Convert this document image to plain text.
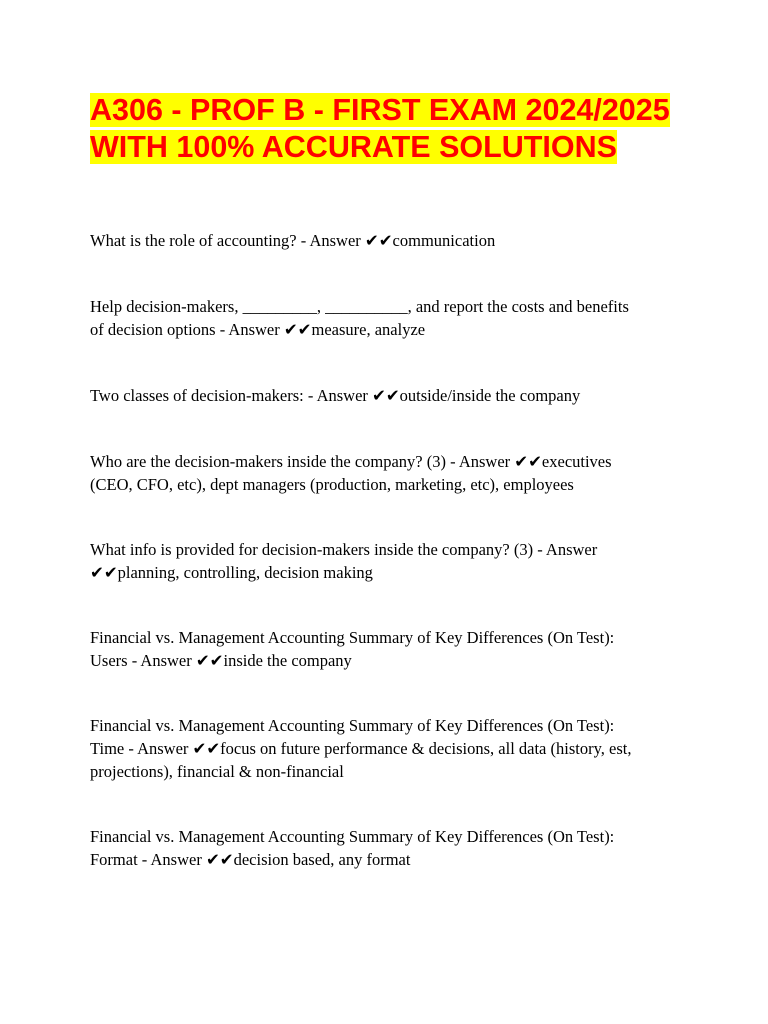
A306 - PROF B - FIRST EXAM 2024/2025
WITH 100% ACCURATE SOLUTIONS

What is the role of accounting? - Answer ✔✔communication

Help decision-makers, _________, __________, and report the costs and benefits
of decision options - Answer ✔✔measure, analyze

Two classes of decision-makers: - Answer ✔✔outside/inside the company

Who are the decision-makers inside the company? (3) - Answer ✔✔executives
(CEO, CFO, etc), dept managers (production, marketing, etc), employees

What info is provided for decision-makers inside the company? (3) - Answer
✔✔planning, controlling, decision making

Financial vs. Management Accounting Summary of Key Differences (On Test):
Users - Answer ✔✔inside the company

Financial vs. Management Accounting Summary of Key Differences (On Test):
Time - Answer ✔✔focus on future performance & decisions, all data (history, est,
projections), financial & non-financial

Financial vs. Management Accounting Summary of Key Differences (On Test):
Format - Answer ✔✔decision based, any format
